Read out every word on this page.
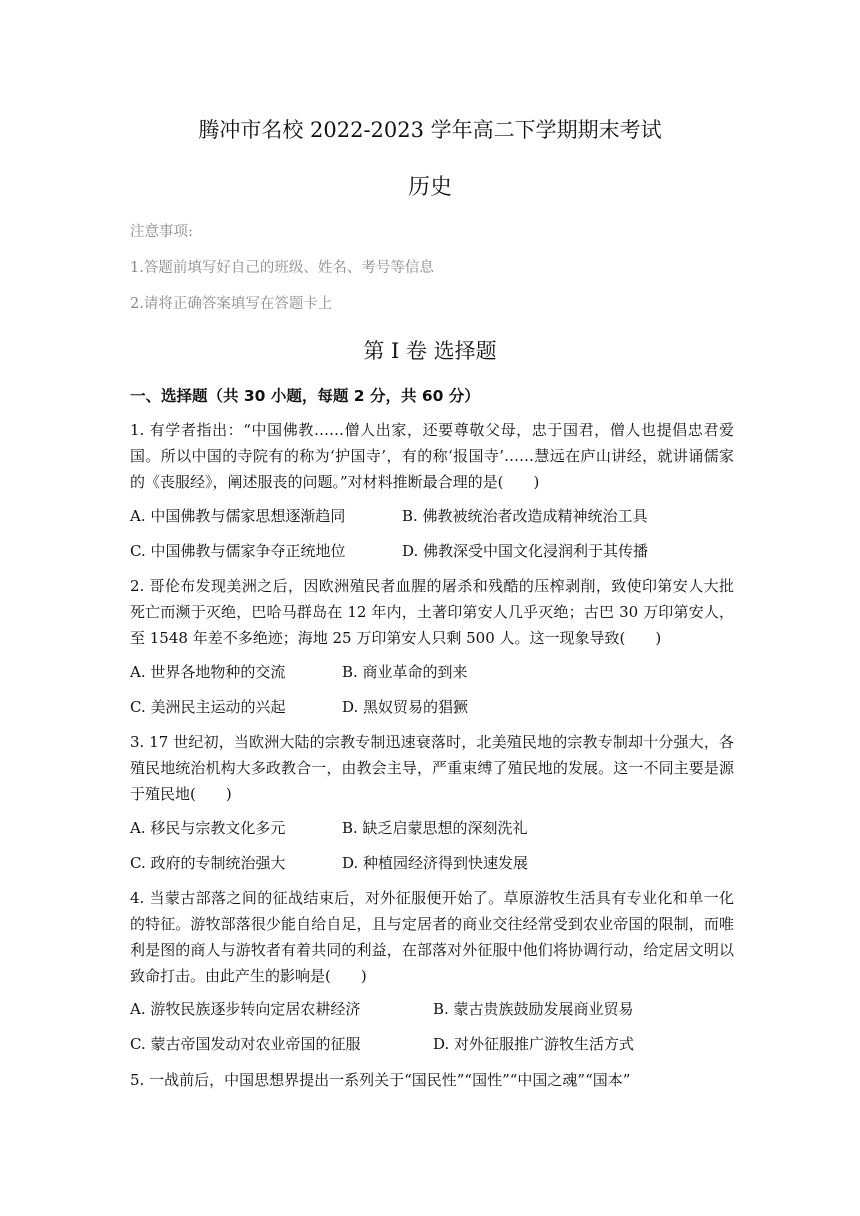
腾冲市名校 2022-2023 学年高二下学期期末考试
历史
注意事项:
1.答题前填写好自己的班级、姓名、考号等信息
2.请将正确答案填写在答题卡上
第 I 卷 选择题
一、选择题（共 30 小题，每题 2 分，共 60 分）
1. 有学者指出：“中国佛教……僧人出家，还要尊敬父母，忠于国君，僧人也提倡忠君爱国。所以中国的寺院有的称为‘护国寺’，有的称‘报国寺’……慧远在庐山讲经，就讲诵儒家的《丧服经》，阐述服丧的问题。”对材料推断最合理的是(　　)
A. 中国佛教与儒家思想逐渐趋同	B. 佛教被统治者改造成精神统治工具
C. 中国佛教与儒家争夺正统地位	D. 佛教深受中国文化浸润利于其传播
2. 哥伦布发现美洲之后，因欧洲殖民者血腥的屠杀和残酷的压榨剥削，致使印第安人大批死亡而濒于灭绝，巴哈马群岛在 12 年内，土著印第安人几乎灭绝；古巴 30 万印第安人，至 1548 年差不多绝迹；海地 25 万印第安人只剩 500 人。这一现象导致(　　)
A. 世界各地物种的交流	B. 商业革命的到来
C. 美洲民主运动的兴起	D. 黑奴贸易的猖獗
3. 17 世纪初，当欧洲大陆的宗教专制迅速衰落时，北美殖民地的宗教专制却十分强大，各殖民地统治机构大多政教合一，由教会主导，严重束缚了殖民地的发展。这一不同主要是源于殖民地(　　)
A. 移民与宗教文化多元	B. 缺乏启蒙思想的深刻洗礼
C. 政府的专制统治强大	D. 种植园经济得到快速发展
4. 当蒙古部落之间的征战结束后，对外征服便开始了。草原游牧生活具有专业化和单一化的特征。游牧部落很少能自给自足，且与定居者的商业交往经常受到农业帝国的限制，而唯利是图的商人与游牧者有着共同的利益，在部落对外征服中他们将协调行动，给定居文明以致命打击。由此产生的影响是(　　)
A. 游牧民族逐步转向定居农耕经济	B. 蒙古贵族鼓励发展商业贸易
C. 蒙古帝国发动对农业帝国的征服	D. 对外征服推广游牧生活方式
5. 一战前后，中国思想界提出一系列关于“国民性”“国性”“中国之魂”“国本”
